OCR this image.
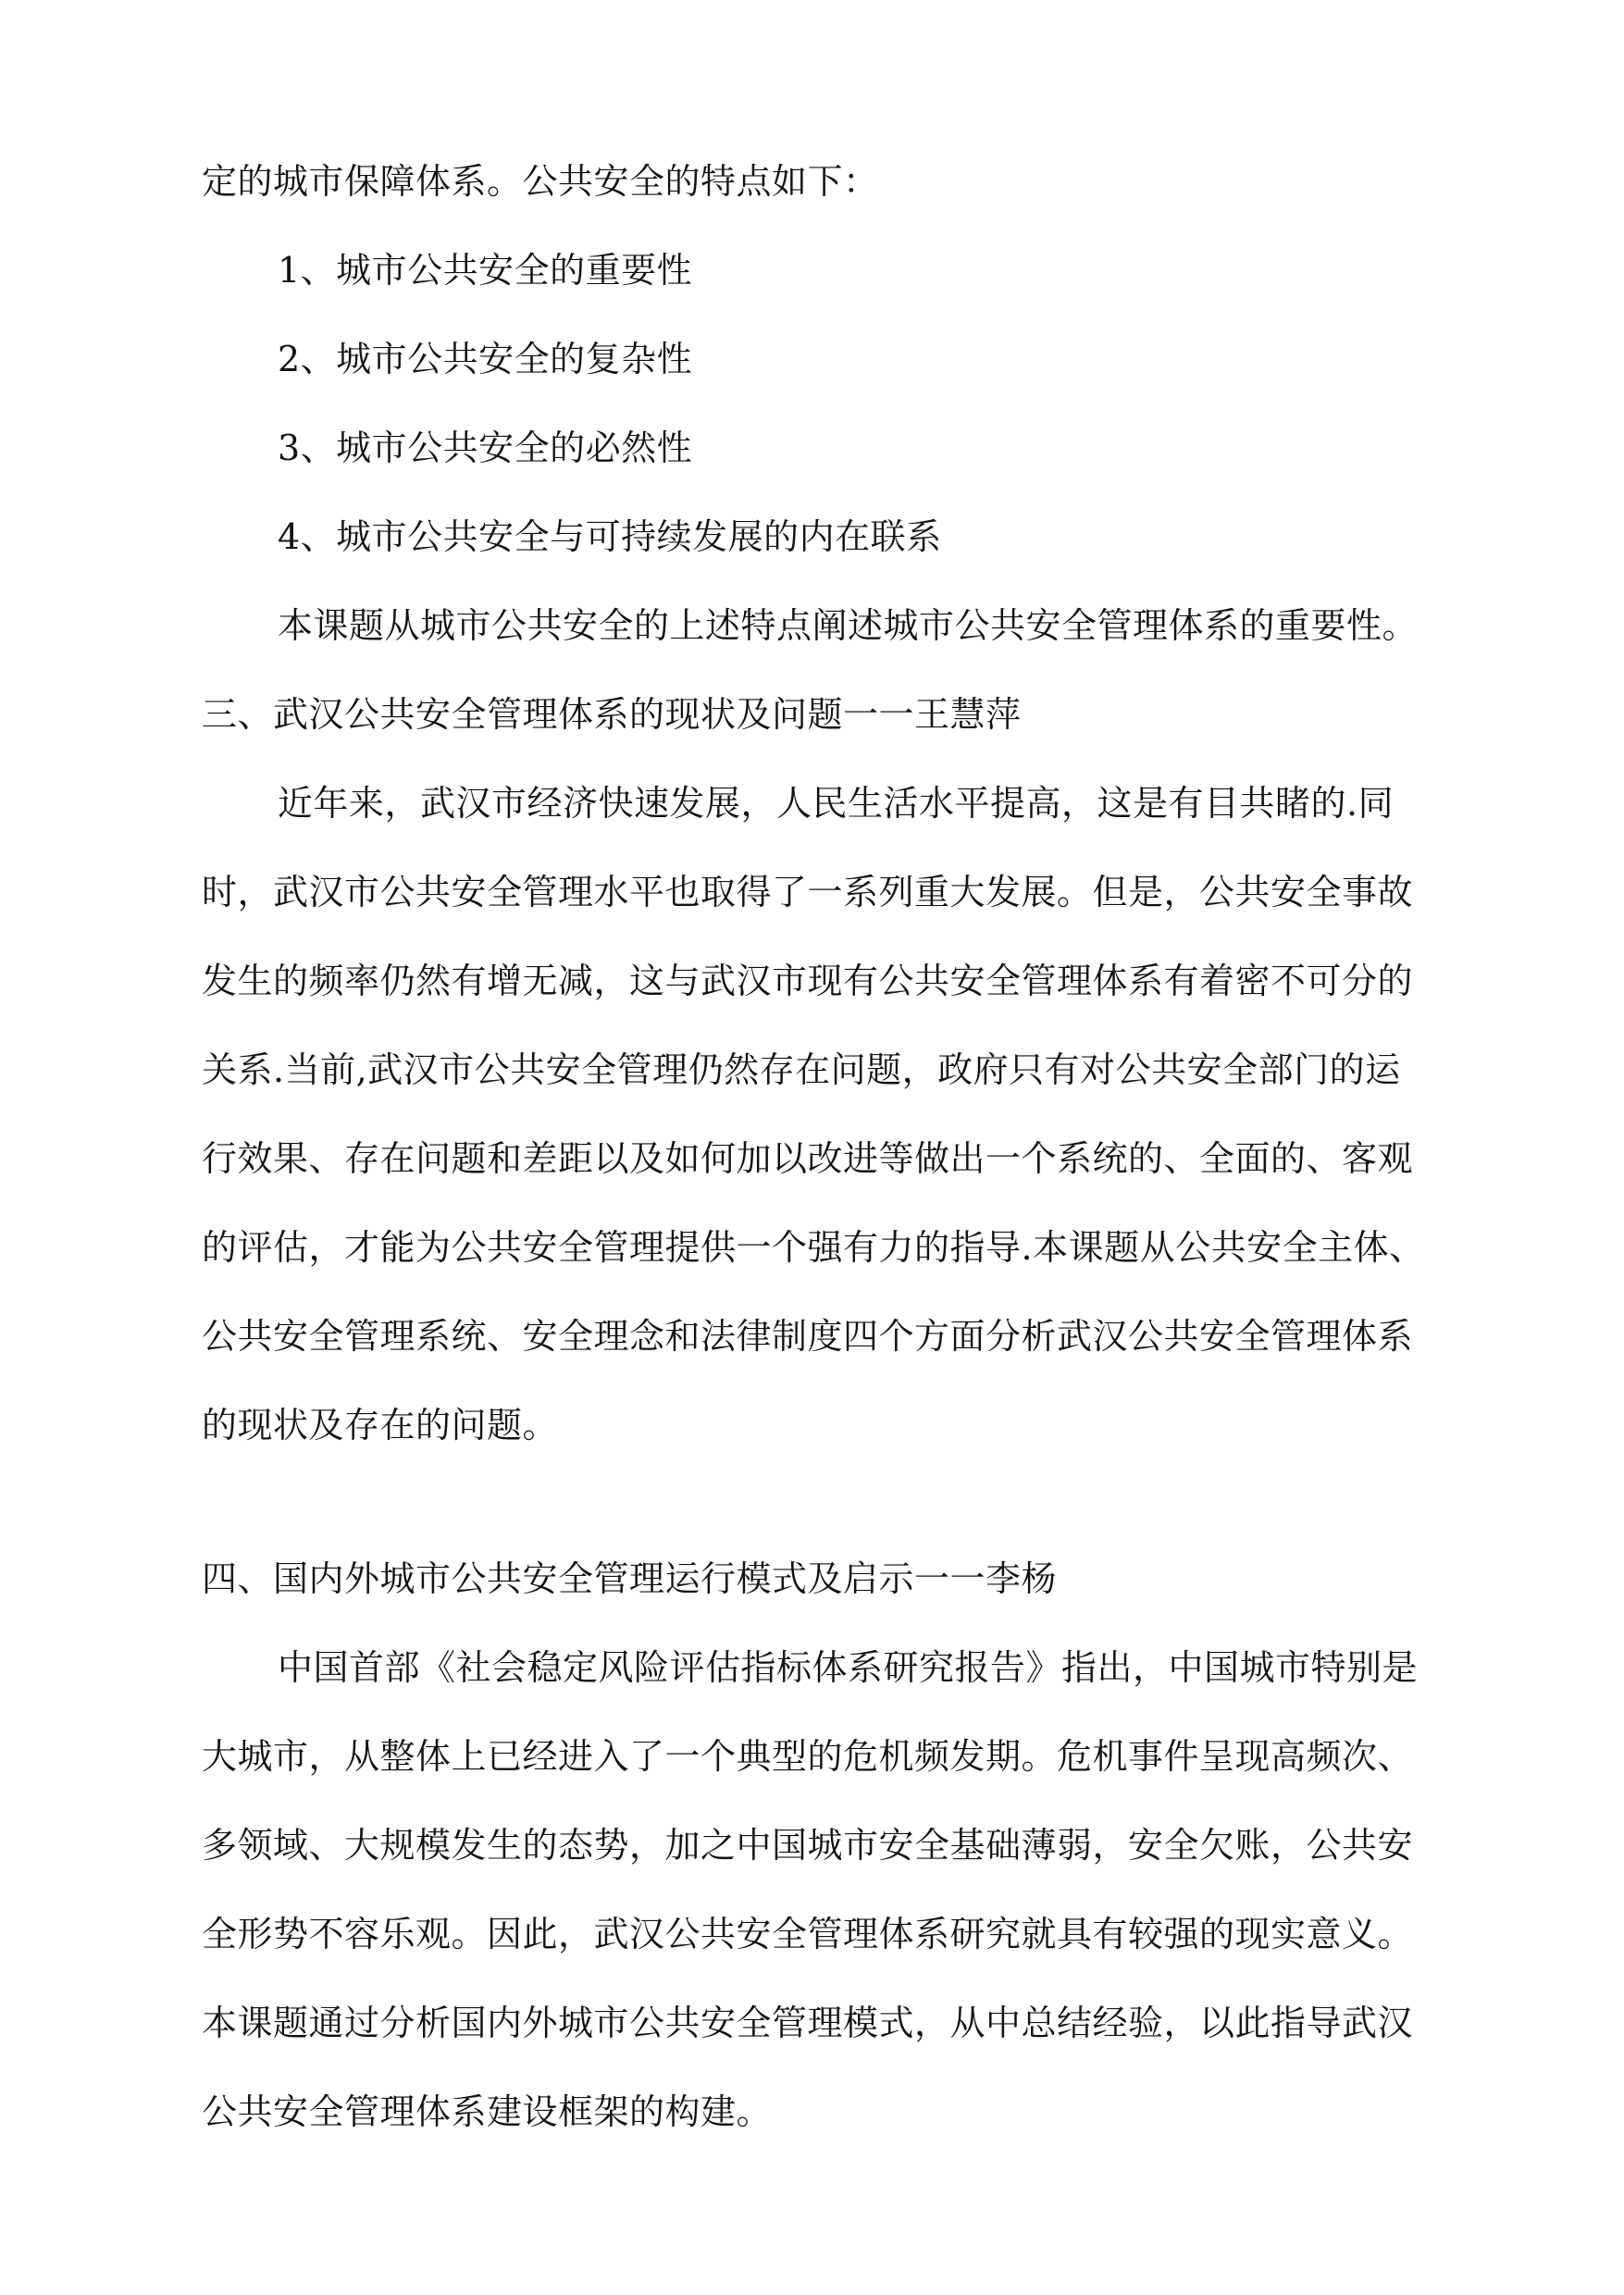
定的城市保障体系。公共安全的特点如下：
1、城市公共安全的重要性
2、城市公共安全的复杂性
3、城市公共安全的必然性
4、城市公共安全与可持续发展的内在联系
本课题从城市公共安全的上述特点阐述城市公共安全管理体系的重要性。
三、武汉公共安全管理体系的现状及问题一一王慧萍
近年来，武汉市经济快速发展，人民生活水平提高，这是有目共睹的.同
时，武汉市公共安全管理水平也取得了一系列重大发展。但是，公共安全事故
发生的频率仍然有增无减，这与武汉市现有公共安全管理体系有着密不可分的
关系.当前,武汉市公共安全管理仍然存在问题，政府只有对公共安全部门的运
行效果、存在问题和差距以及如何加以改进等做出一个系统的、全面的、客观
的评估，才能为公共安全管理提供一个强有力的指导.本课题从公共安全主体、
公共安全管理系统、安全理念和法律制度四个方面分析武汉公共安全管理体系
的现状及存在的问题。
四、国内外城市公共安全管理运行模式及启示一一李杨
中国首部《社会稳定风险评估指标体系研究报告》指出，中国城市特别是
大城市，从整体上已经进入了一个典型的危机频发期。危机事件呈现高频次、
多领域、大规模发生的态势，加之中国城市安全基础薄弱，安全欠账，公共安
全形势不容乐观。因此，武汉公共安全管理体系研究就具有较强的现实意义。
本课题通过分析国内外城市公共安全管理模式，从中总结经验，以此指导武汉
公共安全管理体系建设框架的构建。
